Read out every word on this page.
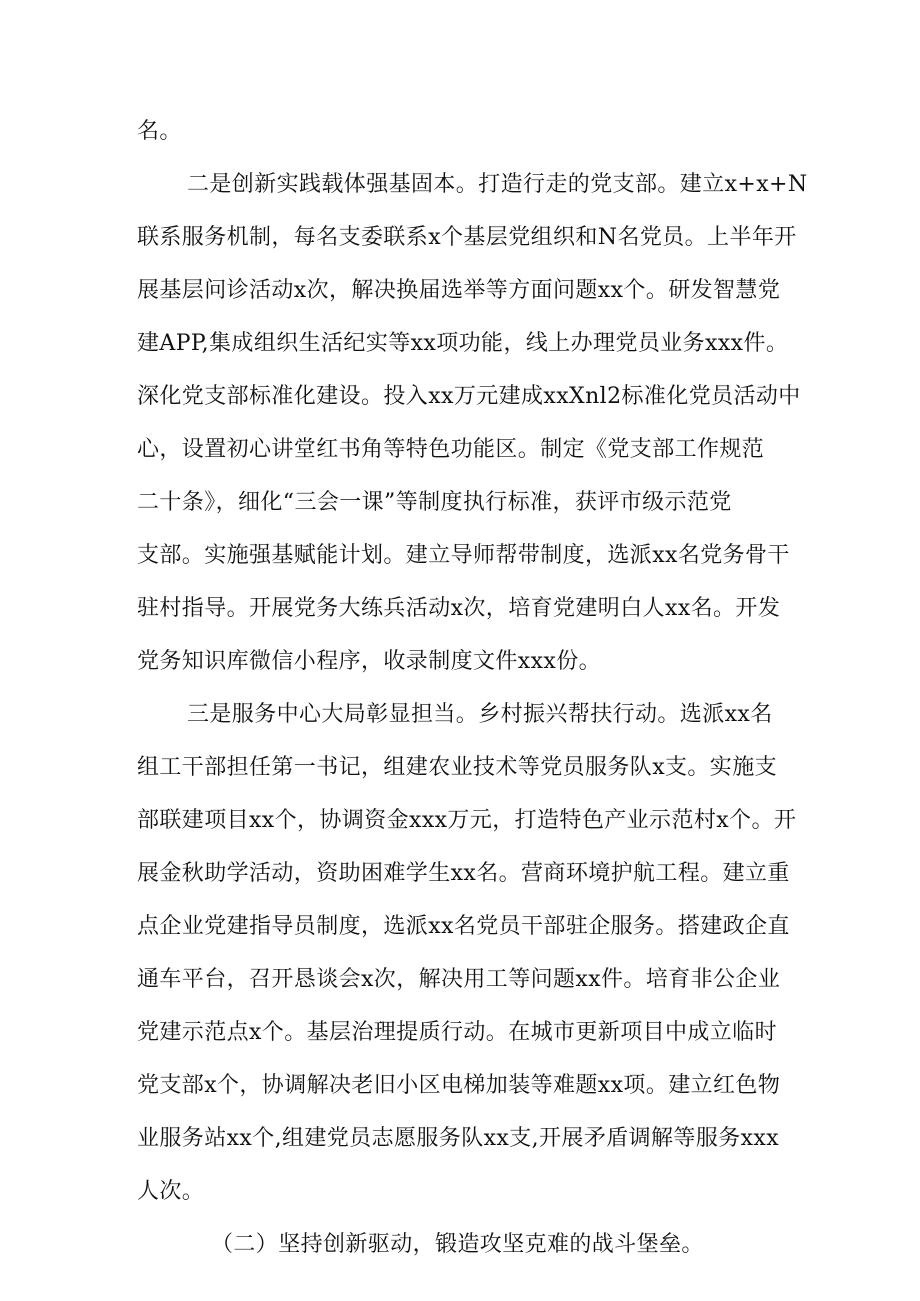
名。
二是创新实践载体强基固本。打造行走的党支部。建立x+x+N
联系服务机制，每名支委联系x个基层党组织和N名党员。上半年开
展基层问诊活动x次，解决换届选举等方面问题xx个。研发智慧党
建APP,集成组织生活纪实等xx项功能，线上办理党员业务xxx件。
深化党支部标准化建设。投入xx万元建成xxXnl2标准化党员活动中
心，设置初心讲堂红书角等特色功能区。制定《党支部工作规范
二十条》，细化“三会一课”等制度执行标准，获评市级示范党
支部。实施强基赋能计划。建立导师帮带制度，选派xx名党务骨干
驻村指导。开展党务大练兵活动x次，培育党建明白人xx名。开发
党务知识库微信小程序，收录制度文件xxx份。
三是服务中心大局彰显担当。乡村振兴帮扶行动。选派xx名
组工干部担任第一书记，组建农业技术等党员服务队x支。实施支
部联建项目xx个，协调资金xxx万元，打造特色产业示范村x个。开
展金秋助学活动，资助困难学生xx名。营商环境护航工程。建立重
点企业党建指导员制度，选派xx名党员干部驻企服务。搭建政企直
通车平台，召开恳谈会x次，解决用工等问题xx件。培育非公企业
党建示范点x个。基层治理提质行动。在城市更新项目中成立临时
党支部x个，协调解决老旧小区电梯加装等难题xx项。建立红色物
业服务站xx个,组建党员志愿服务队xx支,开展矛盾调解等服务xxx
人次。
（二）坚持创新驱动，锻造攻坚克难的战斗堡垒。
